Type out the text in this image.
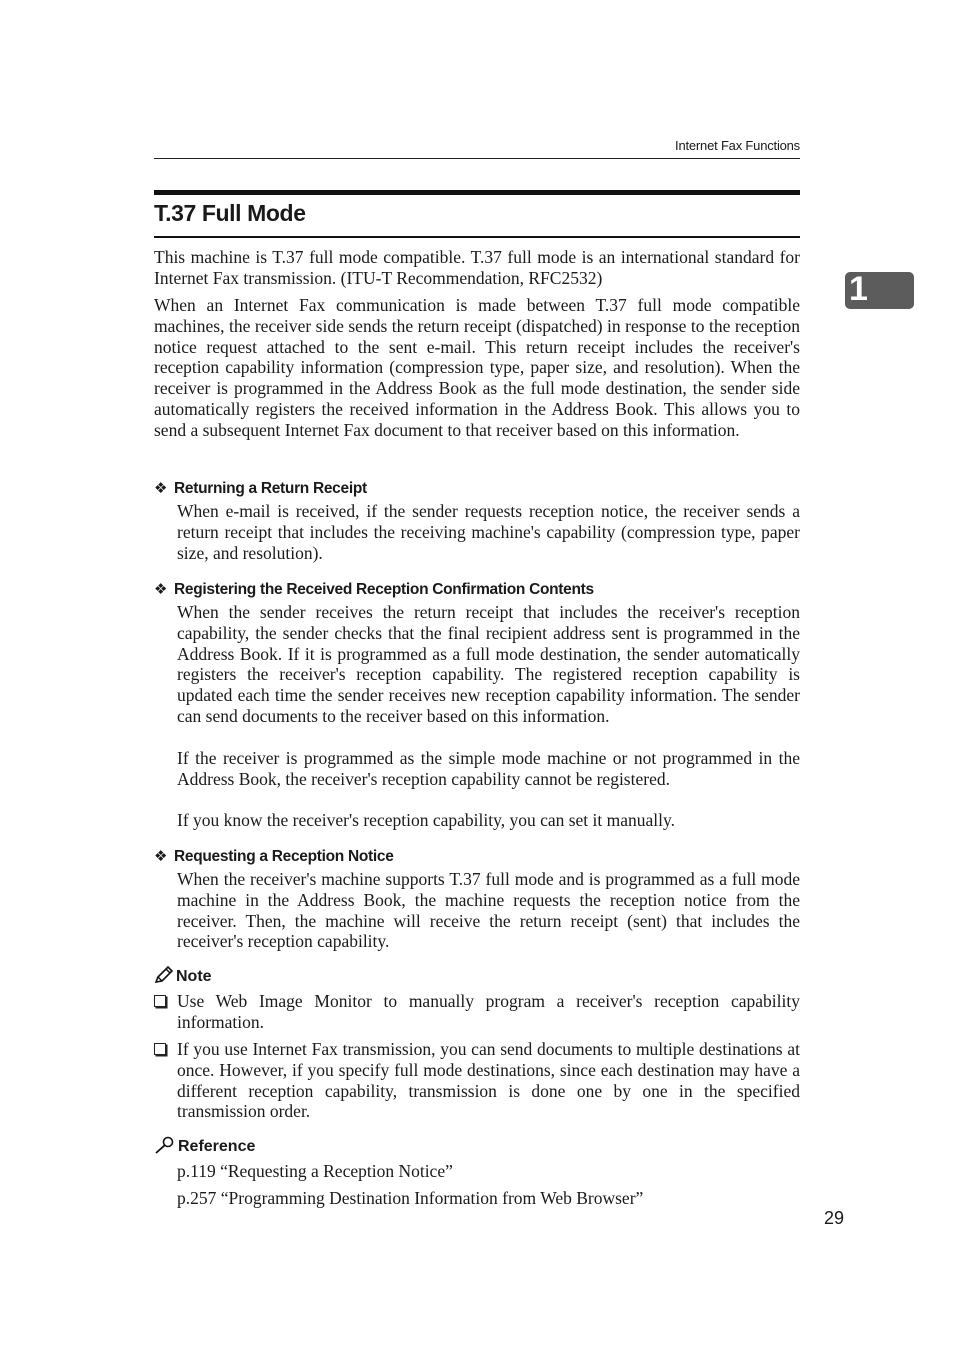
Internet Fax Functions
T.37 Full Mode
1

This machine is T.37 full mode compatible. T.37 full mode is an international standard for Internet Fax transmission. (ITU-T Recommendation, RFC2532)

When an Internet Fax communication is made between T.37 full mode compatible machines, the receiver side sends the return receipt (dispatched) in response to the reception notice request attached to the sent e-mail. This return receipt includes the receiver's reception capability information (compression type, paper size, and resolution). When the receiver is programmed in the Address Book as the full mode destination, the sender side automatically registers the received information in the Address Book. This allows you to send a subsequent Internet Fax document to that receiver based on this information.

❖ Returning a Return Receipt

When e-mail is received, if the sender requests reception notice, the receiver sends a return receipt that includes the receiving machine's capability (compression type, paper size, and resolution).

❖ Registering the Received Reception Confirmation Contents

When the sender receives the return receipt that includes the receiver's reception capability, the sender checks that the final recipient address sent is programmed in the Address Book. If it is programmed as a full mode destination, the sender automatically registers the receiver's reception capability. The registered reception capability is updated each time the sender receives new reception capability information. The sender can send documents to the receiver based on this information.

If the receiver is programmed as the simple mode machine or not programmed in the Address Book, the receiver's reception capability cannot be registered.

If you know the receiver's reception capability, you can set it manually.

❖ Requesting a Reception Notice

When the receiver's machine supports T.37 full mode and is programmed as a full mode machine in the Address Book, the machine requests the reception notice from the receiver. Then, the machine will receive the return receipt (sent) that includes the receiver's reception capability.

Note
Use Web Image Monitor to manually program a receiver's reception capability information.
If you use Internet Fax transmission, you can send documents to multiple destinations at once. However, if you specify full mode destinations, since each destination may have a different reception capability, transmission is done one by one in the specified transmission order.
Reference
p.119 “Requesting a Reception Notice”
p.257 “Programming Destination Information from Web Browser”
29
